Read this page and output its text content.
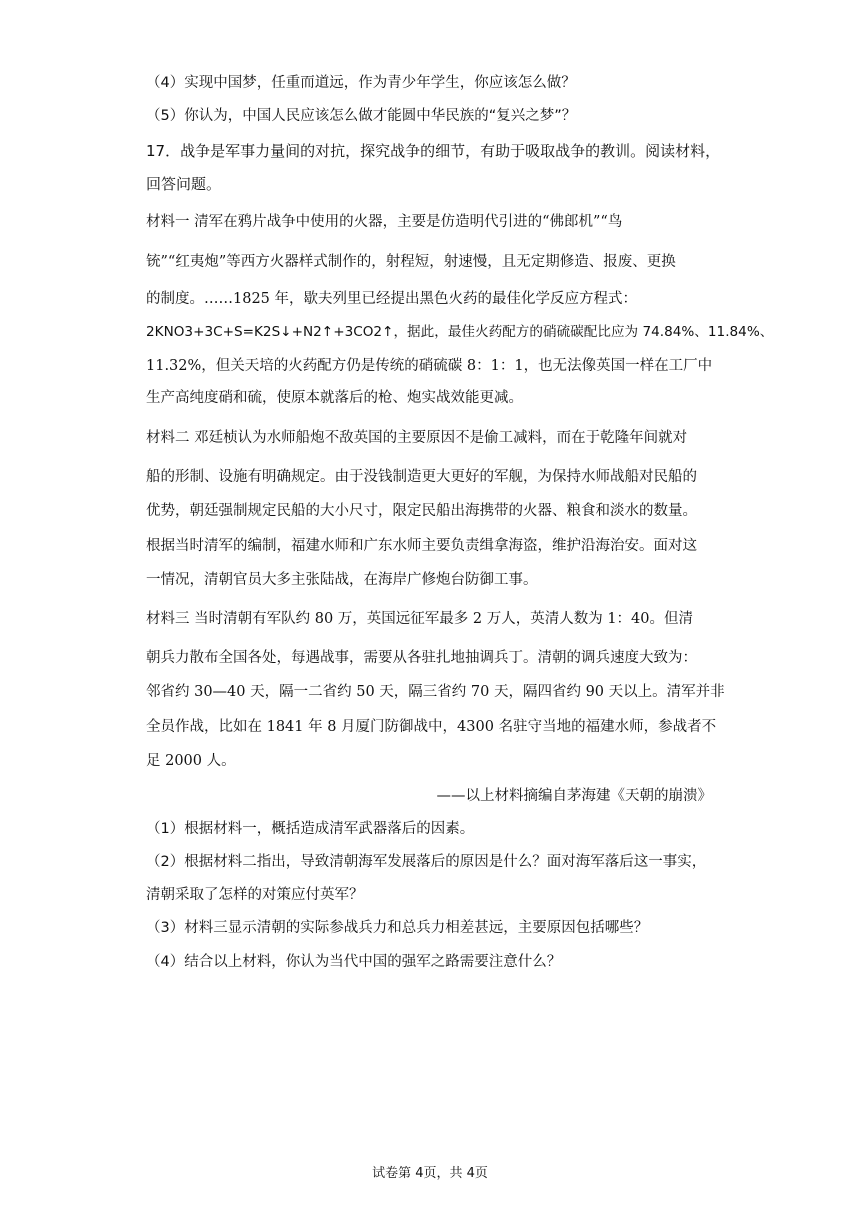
（4）实现中国梦，任重而道远，作为青少年学生，你应该怎么做？
（5）你认为，中国人民应该怎么做才能圆中华民族的“复兴之梦”？
17．战争是军事力量间的对抗，探究战争的细节，有助于吸取战争的教训。阅读材料，
回答问题。
材料一 清军在鸦片战争中使用的火器，主要是仿造明代引进的“佛郎机”“鸟
铳”“红夷炮”等西方火器样式制作的，射程短，射速慢，且无定期修造、报废、更换
的制度。……1825 年，歇夫列里已经提出黑色火药的最佳化学反应方程式：
2KNO3+3C+S=K2S↓+N2↑+3CO2↑，据此，最佳火药配方的硝硫碳配比应为 74.84%、11.84%、
11.32%，但关天培的火药配方仍是传统的硝硫碳 8：1：1，也无法像英国一样在工厂中
生产高纯度硝和硫，使原本就落后的枪、炮实战效能更减。
材料二 邓廷桢认为水师船炮不敌英国的主要原因不是偷工减料，而在于乾隆年间就对
船的形制、设施有明确规定。由于没钱制造更大更好的军舰，为保持水师战船对民船的
优势，朝廷强制规定民船的大小尺寸，限定民船出海携带的火器、粮食和淡水的数量。
根据当时清军的编制，福建水师和广东水师主要负责缉拿海盗，维护沿海治安。面对这
一情况，清朝官员大多主张陆战，在海岸广修炮台防御工事。
材料三 当时清朝有军队约 80 万，英国远征军最多 2 万人，英清人数为 1：40。但清
朝兵力散布全国各处，每遇战事，需要从各驻扎地抽调兵丁。清朝的调兵速度大致为：
邻省约 30—40 天，隔一二省约 50 天，隔三省约 70 天，隔四省约 90 天以上。清军并非
全员作战，比如在 1841 年 8 月厦门防御战中，4300 名驻守当地的福建水师，参战者不
足 2000 人。
——以上材料摘编自茅海建《天朝的崩溃》
（1）根据材料一，概括造成清军武器落后的因素。
（2）根据材料二指出，导致清朝海军发展落后的原因是什么？面对海军落后这一事实，
清朝采取了怎样的对策应付英军？
（3）材料三显示清朝的实际参战兵力和总兵力相差甚远，主要原因包括哪些？
（4）结合以上材料，你认为当代中国的强军之路需要注意什么？
试卷第 4页，共 4页
